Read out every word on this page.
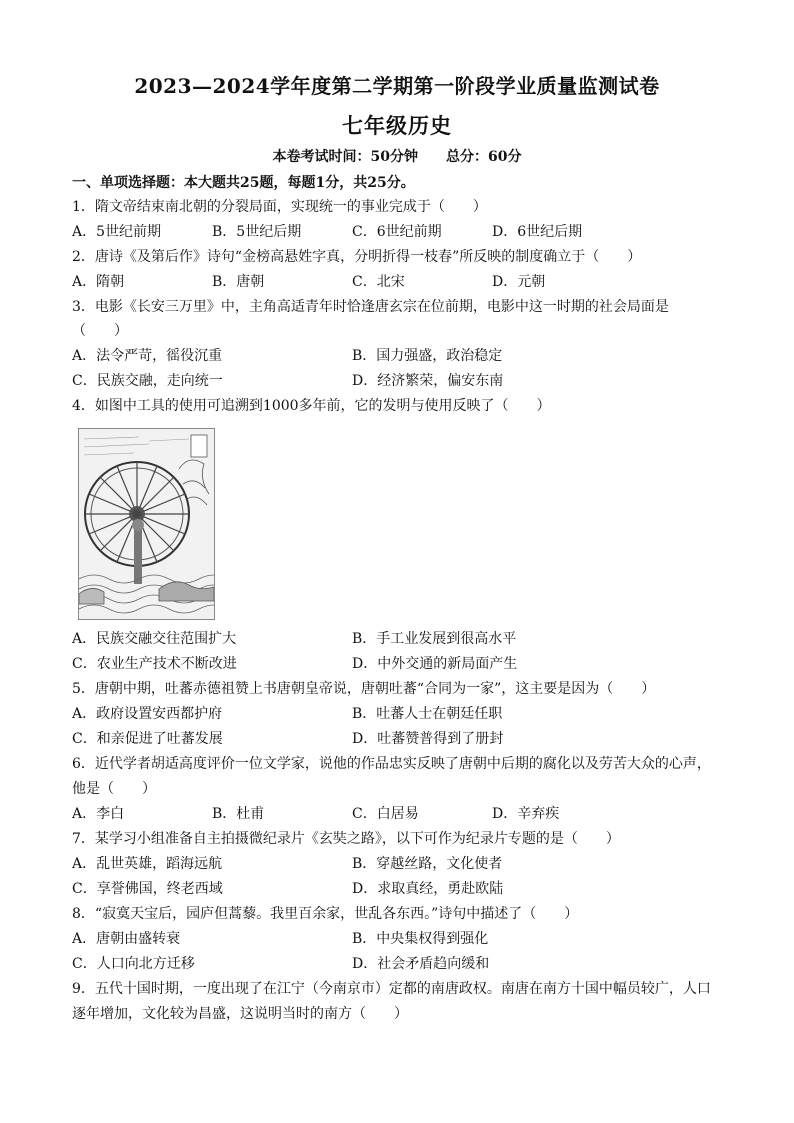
2023—2024学年度第二学期第一阶段学业质量监测试卷
七年级历史
本卷考试时间：50分钟　　总分：60分
一、单项选择题：本大题共25题，每题1分，共25分。
1．隋文帝结束南北朝的分裂局面，实现统一的事业完成于（　　）
A．5世纪前期	B．5世纪后期	C．6世纪前期	D．6世纪后期
2．唐诗《及第后作》诗句“金榜高悬姓字真，分明折得一枝春”所反映的制度确立于（　　）
A．隋朝	B．唐朝	C．北宋	D．元朝
3．电影《长安三万里》中，主角高适青年时恰逢唐玄宗在位前期，电影中这一时期的社会局面是
（　　）
A．法令严苛，徭役沉重	B．国力强盛，政治稳定
C．民族交融，走向统一	D．经济繁荣，偏安东南
4．如图中工具的使用可追溯到1000多年前，它的发明与使用反映了（　　）
A．民族交融交往范围扩大	B．手工业发展到很高水平
C．农业生产技术不断改进	D．中外交通的新局面产生
5．唐朝中期，吐蕃赤德祖赞上书唐朝皇帝说，唐朝吐蕃“合同为一家”，这主要是因为（　　）
A．政府设置安西都护府	B．吐蕃人士在朝廷任职
C．和亲促进了吐蕃发展	D．吐蕃赞普得到了册封
6．近代学者胡适高度评价一位文学家，说他的作品忠实反映了唐朝中后期的腐化以及劳苦大众的心声，
他是（　　）
A．李白	B．杜甫	C．白居易	D．辛弃疾
7．某学习小组准备自主拍摄微纪录片《玄奘之路》，以下可作为纪录片专题的是（　　）
A．乱世英雄，蹈海远航	B．穿越丝路，文化使者
C．享誉佛国，终老西域	D．求取真经，勇赴欧陆
8．“寂寞天宝后，园庐但蒿藜。我里百余家，世乱各东西。”诗句中描述了（　　）
A．唐朝由盛转衰	B．中央集权得到强化
C．人口向北方迁移	D．社会矛盾趋向缓和
9．五代十国时期，一度出现了在江宁（今南京市）定都的南唐政权。南唐在南方十国中幅员较广，人口
逐年增加，文化较为昌盛，这说明当时的南方（　　）
